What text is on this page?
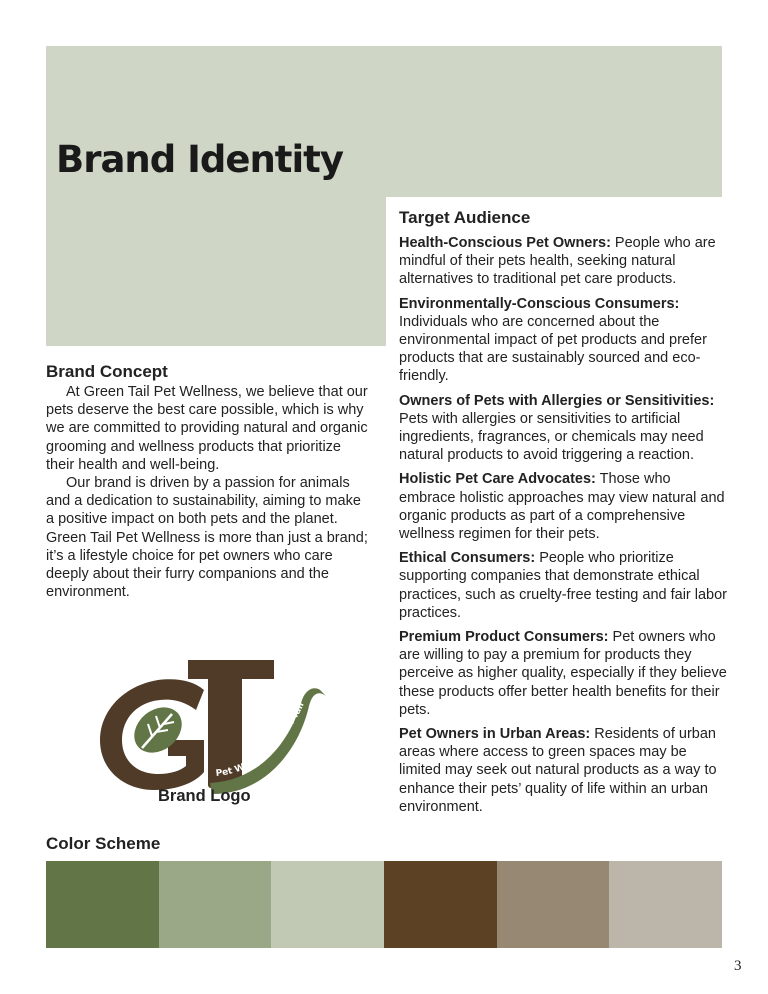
Brand Identity
Target Audience

Health-Conscious Pet Owners: People who are mindful of their pets health, seeking natural alternatives to traditional pet care products.

Environmentally-Conscious Consumers: Individuals who are concerned about the environmental impact of pet products and prefer products that are sustainably sourced and eco-friendly.

Owners of Pets with Allergies or Sensitivities: Pets with allergies or sensitivities to artificial ingredients, fragrances, or chemicals may need natural products to avoid triggering a reaction.

Holistic Pet Care Advocates: Those who embrace holistic approaches may view natural and organic products as part of a comprehensive wellness regimen for their pets.

Ethical Consumers: People who prioritize supporting companies that demonstrate ethical practices, such as cruelty-free testing and fair labor practices.

Premium Product Consumers: Pet owners who are willing to pay a premium for products they perceive as higher quality, especially if they believe these products offer better health benefits for their pets.

Pet Owners in Urban Areas: Residents of urban areas where access to green spaces may be limited may seek out natural products as a way to enhance their pets’ quality of life within an urban environment.

Brand Concept

At Green Tail Pet Wellness, we believe that our pets deserve the best care possible, which is why we are committed to providing natural and organic grooming and wellness products that prioritize their health and well-being.

Our brand is driven by a passion for animals and a dedication to sustainability, aiming to make a positive impact on both pets and the planet. Green Tail Pet Wellness is more than just a brand; it’s a lifestyle choice for pet owners who care deeply about their furry companions and the environment.

Pet Wellness Green Tail
Brand Logo
Color Scheme
3
